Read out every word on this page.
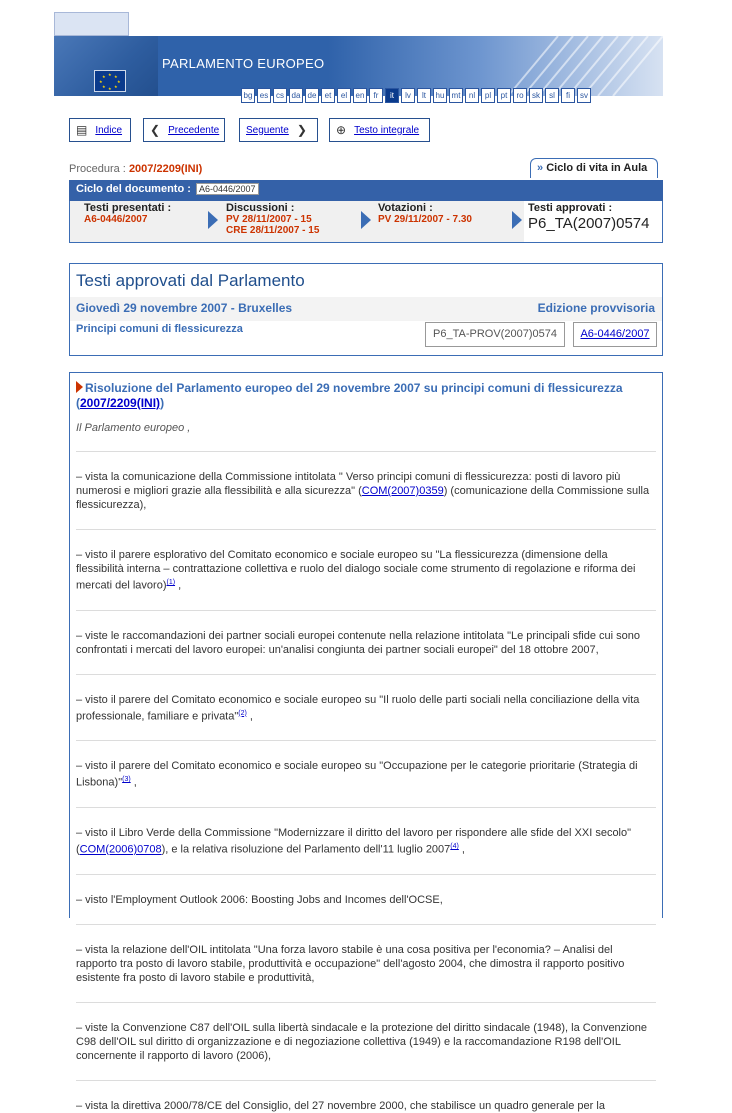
★ ★
★
★
★
★
★
★
PARLAMENTO EUROPEO
bg es cs da de	et	el	en	fr	it	lv	lt	hu mt	nl	pl	pt	ro	sk	sl	fi	sv
▤ Indice ❮ Precedente	Seguente ❯ ⊕ Testo integrale
Procedura : 2007/2209(INI)	» Ciclo di vita in Aula
Ciclo del documento : A6-0446/2007
Testi presentati :
A6-0446/2007
Discussioni :
PV 28/11/2007 - 15
CRE 28/11/2007 - 15
Votazioni :
PV 29/11/2007 - 7.30
Testi approvati :
P6_TA(2007)0574
Testi approvati dal Parlamento
Giovedì 29 novembre 2007 - Bruxelles	Edizione provvisoria
Principi comuni di flessicurezza	P6_TA-PROV(2007)0574	A6-0446/2007
Risoluzione del Parlamento europeo del 29 novembre 2007 su principi comuni di flessicurezza (2007/2209(INI))

Il Parlamento europeo ,

– vista la comunicazione della Commissione intitolata " Verso principi comuni di flessicurezza: posti di lavoro più numerosi e migliori grazie alla flessibilità e alla sicurezza" (COM(2007)0359) (comunicazione della Commissione sulla flessicurezza),

– visto il parere esplorativo del Comitato economico e sociale europeo su "La flessicurezza (dimensione della flessibilità interna – contrattazione collettiva e ruolo del dialogo sociale come strumento di regolazione e riforma dei mercati del lavoro)$^{(1)}$ ,

– viste le raccomandazioni dei partner sociali europei contenute nella relazione intitolata "Le principali sfide cui sono confrontati i mercati del lavoro europei: un'analisi congiunta dei partner sociali europei" del 18 ottobre 2007,

– visto il parere del Comitato economico e sociale europeo su "Il ruolo delle parti sociali nella conciliazione della vita professionale, familiare e privata"$^{(2)}$ ,

– visto il parere del Comitato economico e sociale europeo su "Occupazione per le categorie prioritarie (Strategia di Lisbona)"$^{(3)}$ ,

– visto il Libro Verde della Commissione "Modernizzare il diritto del lavoro per rispondere alle sfide del XXI secolo" (COM(2006)0708), e la relativa risoluzione del Parlamento dell'11 luglio 2007$^{(4)}$ ,

– visto l'Employment Outlook 2006: Boosting Jobs and Incomes dell'OCSE,

– vista la relazione dell'OIL intitolata "Una forza lavoro stabile è una cosa positiva per l'economia? – Analisi del rapporto tra posto di lavoro stabile, produttività e occupazione" dell'agosto 2004, che dimostra il rapporto positivo esistente fra posto di lavoro stabile e produttività,

– viste la Convenzione C87 dell'OIL sulla libertà sindacale e la protezione del diritto sindacale (1948), la Convenzione C98 dell'OIL sul diritto di organizzazione e di negoziazione collettiva (1949) e la raccomandazione R198 dell'OIL concernente il rapporto di lavoro (2006),

– vista la direttiva 2000/78/CE del Consiglio, del 27 novembre 2000, che stabilisce un quadro generale per la
